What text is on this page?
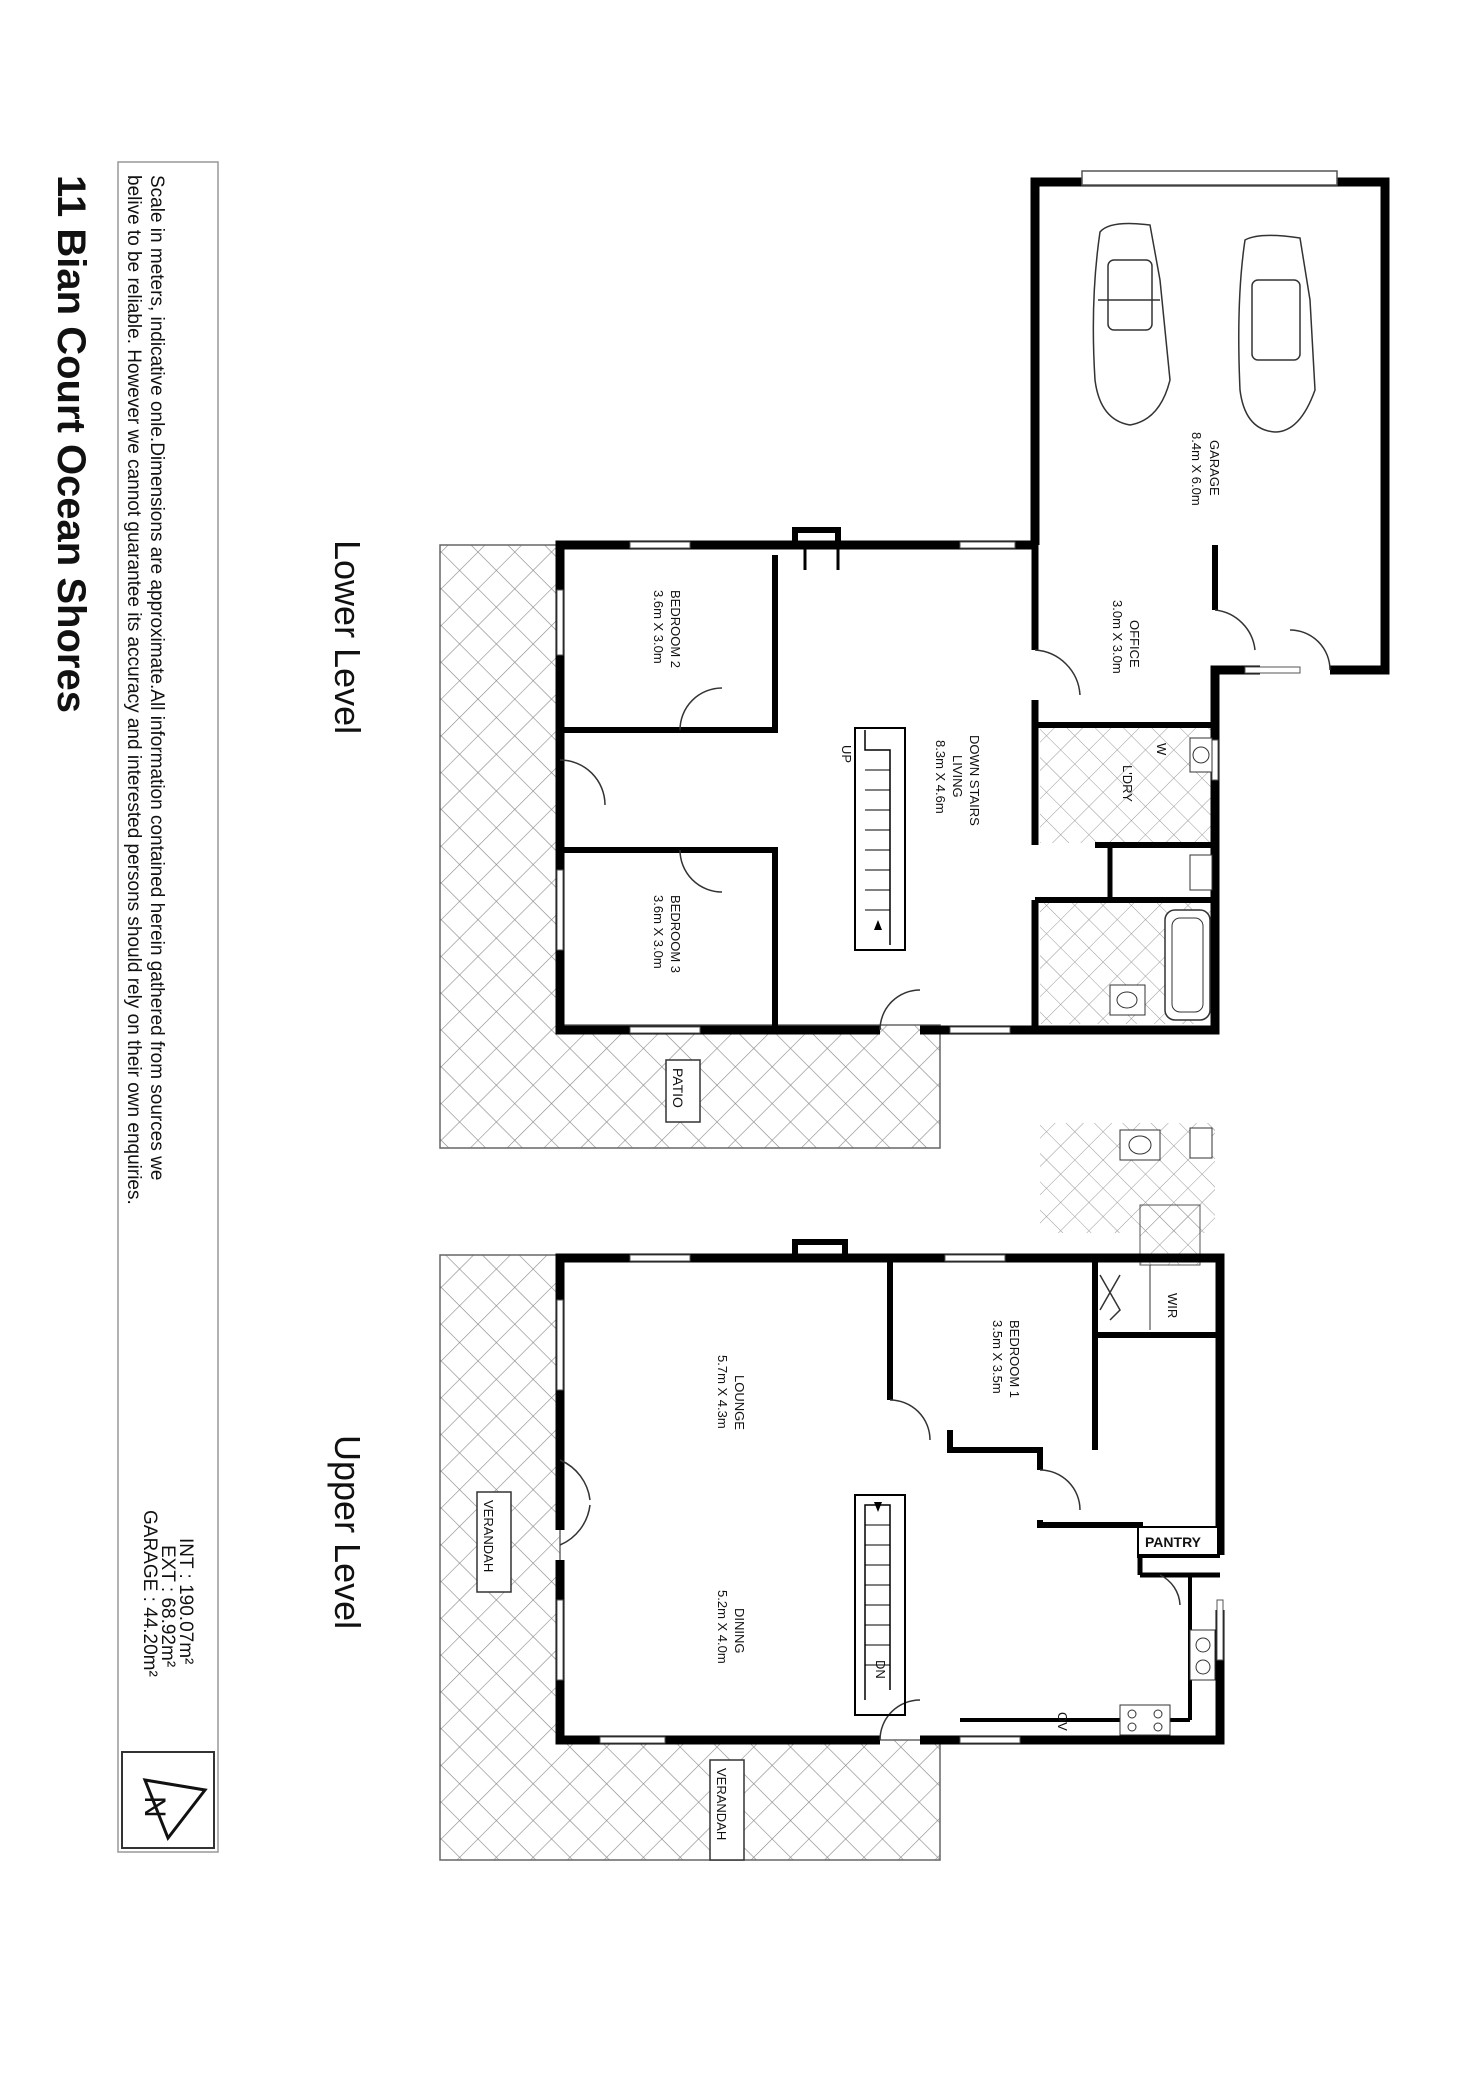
11 Bian Court Ocean Shores	Scale in meters, indicative onle.Dimensions are approximate.All information contained herein gathered from sources we
belive to be reliable. However we cannot guarantee its accuracy and interested persons should rely on their own enquiries.
INT : 190.07m²
EXT : 68.92m²
GARAGE : 44.20m²
N
Lower Level
Upper Level
PATIO
GARAGE
8.4m X 6.0m
OFFICE
3.0m X 3.0m
DOWN STAIRS
LIVING
8.3m X 4.6m
BEDROOM 2
3.6m X 3.0m
BEDROOM 3
3.6m X 3.0m
L'DRY
W
UP
VERANDAH
VERANDAH
BEDROOM 1
3.5m X 3.5m
WIR
LOUNGE
5.7m X 4.3m
DINING
5.2m X 4.0m
DN
OV
PANTRY
